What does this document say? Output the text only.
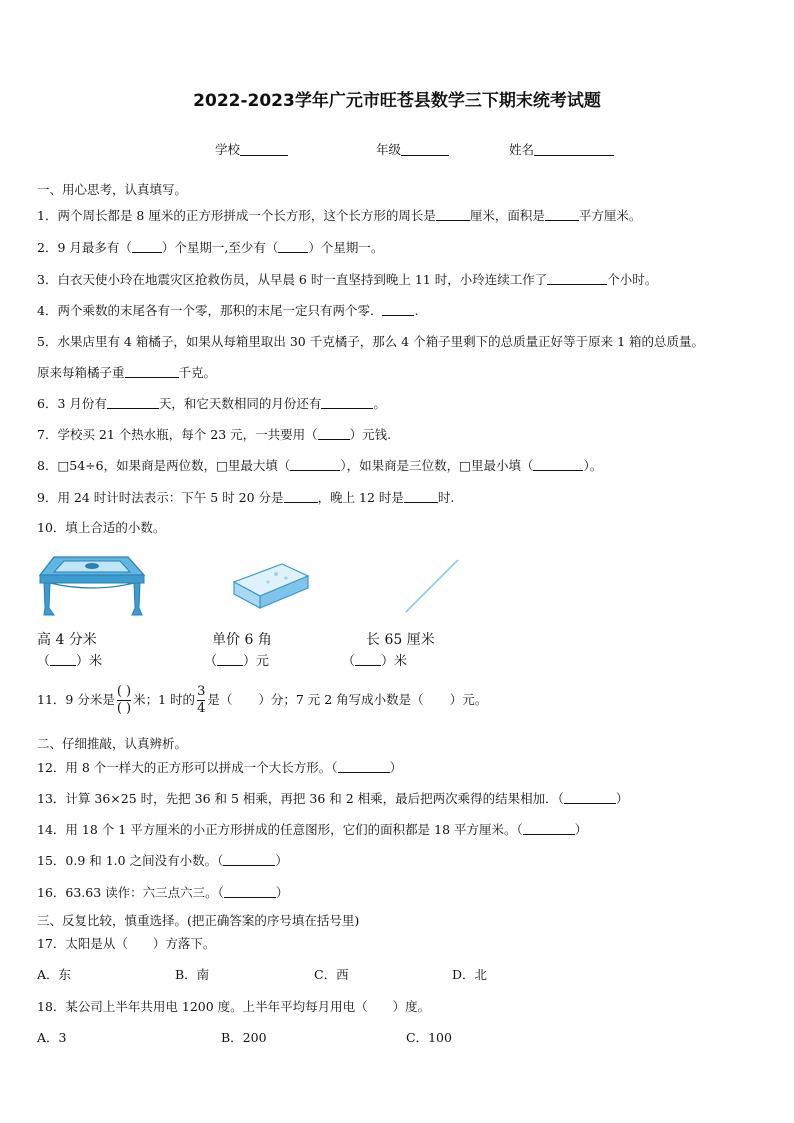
2022-2023学年广元市旺苍县数学三下期末统考试题
学校	年级	姓名
一、用心思考，认真填写。
1．两个周长都是 8 厘米的正方形拼成一个长方形，这个长方形的周长是	厘米，面积是	平方厘米。
2．9 月最多有（ ）个星期一,至少有（ ）个星期一。
3．白衣天使小玲在地震灾区抢救伤员，从早晨 6 时一直坚持到晚上 11 时，小玲连续工作了	个小时。
4．两个乘数的末尾各有一个零，那积的末尾一定只有两个零．	.
5．水果店里有 4 箱橘子，如果从每箱里取出 30 千克橘子，那么 4 个箱子里剩下的总质量正好等于原来 1 箱的总质量。
原来每箱橘子重	千克。
6．3 月份有	天，和它天数相同的月份还有	。
7．学校买 21 个热水瓶，每个 23 元，一共要用（	）元钱.
8．□54÷6，如果商是两位数，□里最大填（	），如果商是三位数，□里最小填（	）。
9．用 24 时计时法表示：下午 5 时 20 分是	，晚上 12 时是	时.
10．填上合适的小数。
高 4 分米
（ ）米
单价 6 角
（ ）元
长 65 厘米
（ ）米
11．9 分米是 $\frac{( )}{( )}$ 米；1 时的 $\frac{3}{4}$ 是（ ）分；7 元 2 角写成小数是（ ）元。
二、仔细推敲，认真辨析。
12．用 8 个一样大的正方形可以拼成一个大长方形。（	）
13．计算 36×25 时，先把 36 和 5 相乘，再把 36 和 2 相乘，最后把两次乘得的结果相加．（	）
14．用 18 个 1 平方厘米的小正方形拼成的任意图形，它们的面积都是 18 平方厘米。（	）
15．0.9 和 1.0 之间没有小数。（	）
16．63.63 读作：六三点六三。（	）
三、反复比较，慎重选择。(把正确答案的序号填在括号里)
17．太阳是从（　　）方落下。
A．东	B．南	C．西	D．北
18．某公司上半年共用电 1200 度。上半年平均每月用电（　　）度。
A．3	B．200	C．100
